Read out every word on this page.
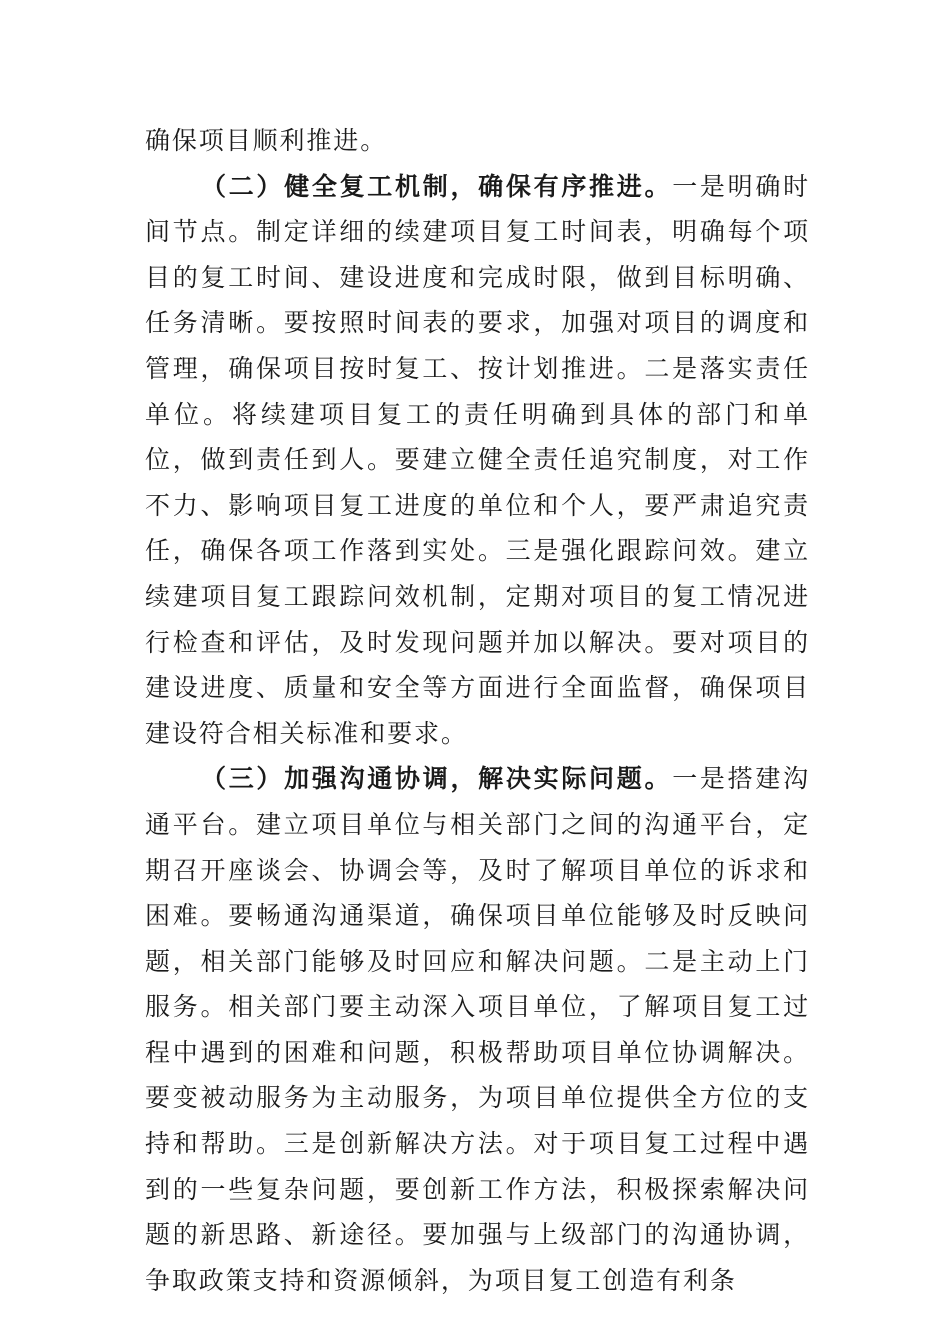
确保项目顺利推进。

（二）健全复工机制，确保有序推进。一是明确时间节点。制定详细的续建项目复工时间表，明确每个项目的复工时间、建设进度和完成时限，做到目标明确、任务清晰。要按照时间表的要求，加强对项目的调度和管理，确保项目按时复工、按计划推进。二是落实责任单位。将续建项目复工的责任明确到具体的部门和单位，做到责任到人。要建立健全责任追究制度，对工作不力、影响项目复工进度的单位和个人，要严肃追究责任，确保各项工作落到实处。三是强化跟踪问效。建立续建项目复工跟踪问效机制，定期对项目的复工情况进行检查和评估，及时发现问题并加以解决。要对项目的建设进度、质量和安全等方面进行全面监督，确保项目建设符合相关标准和要求。

（三）加强沟通协调，解决实际问题。一是搭建沟通平台。建立项目单位与相关部门之间的沟通平台，定期召开座谈会、协调会等，及时了解项目单位的诉求和困难。要畅通沟通渠道，确保项目单位能够及时反映问题，相关部门能够及时回应和解决问题。二是主动上门服务。相关部门要主动深入项目单位，了解项目复工过程中遇到的困难和问题，积极帮助项目单位协调解决。要变被动服务为主动服务，为项目单位提供全方位的支持和帮助。三是创新解决方法。对于项目复工过程中遇到的一些复杂问题，要创新工作方法，积极探索解决问题的新思路、新途径。要加强与上级部门的沟通协调，争取政策支持和资源倾斜，为项目复工创造有利条
